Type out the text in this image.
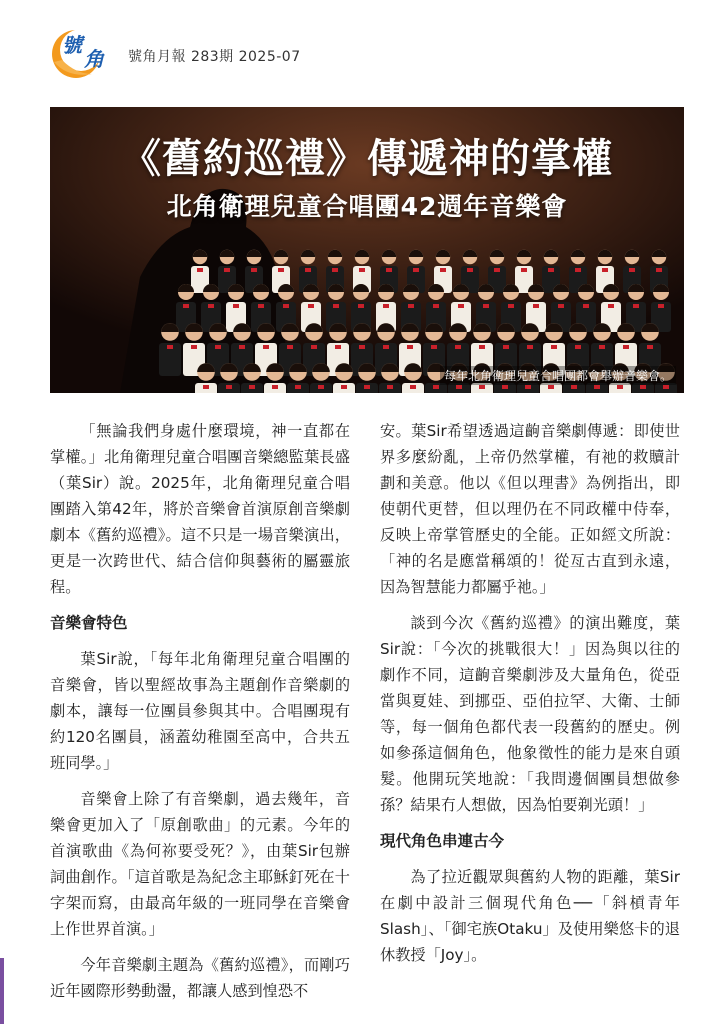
號
角 號角月報 283期 2025-07
《舊約巡禮》傳遞神的掌權
北角衛理兒童合唱團42週年音樂會
每年北角衛理兒童合唱團都會舉辦音樂會。

「無論我們身處什麼環境，神一直都在掌權。」北角衛理兒童合唱團音樂總監葉長盛（葉Sir）說。2025年，北角衛理兒童合唱團踏入第42年，將於音樂會首演原創音樂劇劇本《舊約巡禮》。這不只是一場音樂演出，更是一次跨世代、結合信仰與藝術的屬靈旅程。

音樂會特色

葉Sir說，「每年北角衛理兒童合唱團的音樂會，皆以聖經故事為主題創作音樂劇的劇本，讓每一位團員參與其中。合唱團現有約120名團員，涵蓋幼稚園至高中，合共五班同學。」

音樂會上除了有音樂劇，過去幾年，音樂會更加入了「原創歌曲」的元素。今年的首演歌曲《為何祢要受死？》，由葉Sir包辦詞曲創作。「這首歌是為紀念主耶穌釘死在十字架而寫，由最高年級的一班同學在音樂會上作世界首演。」

今年音樂劇主題為《舊約巡禮》，而剛巧近年國際形勢動盪，都讓人感到惶恐不

安。葉Sir希望透過這齣音樂劇傳遞：即使世界多麼紛亂，上帝仍然掌權，有祂的救贖計劃和美意。他以《但以理書》為例指出，即使朝代更替，但以理仍在不同政權中侍奉，反映上帝掌管歷史的全能。正如經文所說：「神的名是應當稱頌的！從亙古直到永遠，因為智慧能力都屬乎祂。」

談到今次《舊約巡禮》的演出難度，葉Sir說：「今次的挑戰很大！」因為與以往的劇作不同，這齣音樂劇涉及大量角色，從亞當與夏娃、到挪亞、亞伯拉罕、大衛、士師等，每一個角色都代表一段舊約的歷史。例如參孫這個角色，他象徵性的能力是來自頭髮。他開玩笑地說：「我問邊個團員想做參孫？結果冇人想做，因為怕要剃光頭！」

現代角色串連古今

為了拉近觀眾與舊約人物的距離，葉Sir在劇中設計三個現代角色──「斜槓青年Slash」、「御宅族Otaku」及使用樂悠卡的退休教授「Joy」。
